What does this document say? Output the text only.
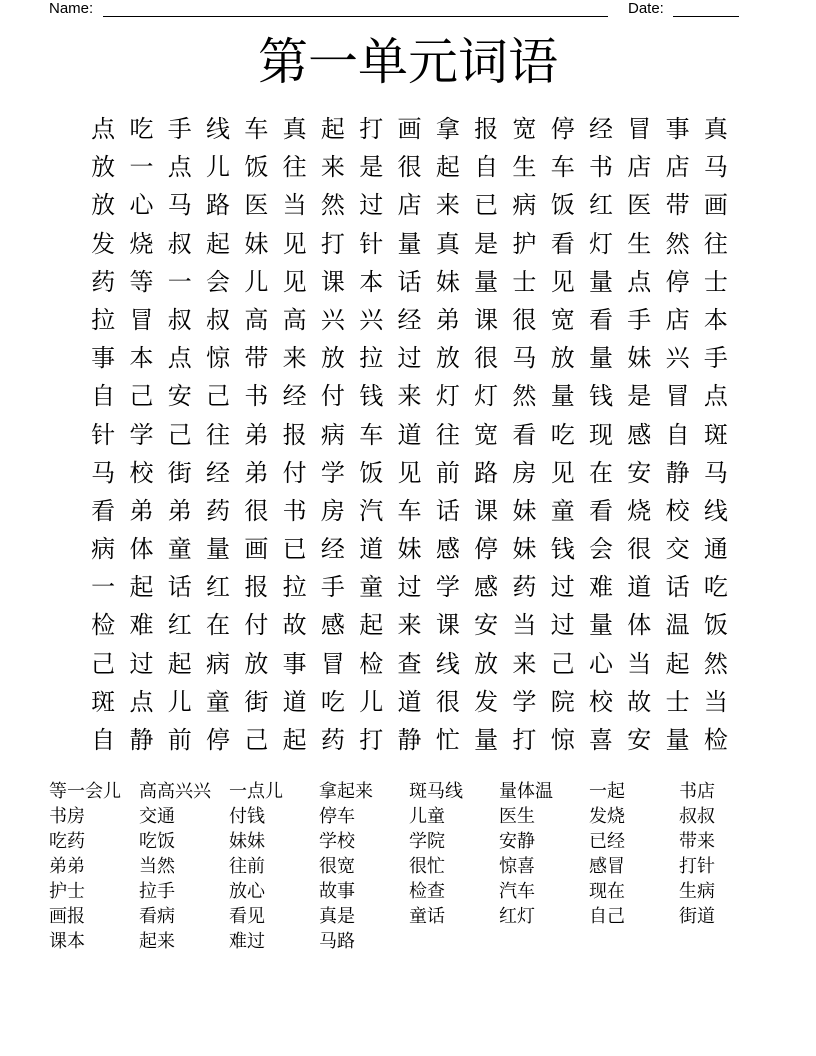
Name:	Date:
第一单元词语
点 吃 手 线 车 真 起 打 画 拿 报 宽 停 经 冒 事 真
放 一 点 儿 饭 往 来 是 很 起 自 生 车 书 店 店 马
放 心 马 路 医 当 然 过 店 来 已 病 饭 红 医 带 画
发 烧 叔 起 妹 见 打 针 量 真 是 护 看 灯 生 然 往
药 等 一 会 儿 见 课 本 话 妹 量 士 见 量 点 停 士
拉 冒 叔 叔 高 高 兴 兴 经 弟 课 很 宽 看 手 店 本
事 本 点 惊 带 来 放 拉 过 放 很 马 放 量 妹 兴 手
自 己 安 己 书 经 付 钱 来 灯 灯 然 量 钱 是 冒 点
针 学 己 往 弟 报 病 车 道 往 宽 看 吃 现 感 自 斑
马 校 街 经 弟 付 学 饭 见 前 路 房 见 在 安 静 马
看 弟 弟 药 很 书 房 汽 车 话 课 妹 童 看 烧 校 线
病 体 童 量 画 已 经 道 妹 感 停 妹 钱 会 很 交 通
一 起 话 红 报 拉 手 童 过 学 感 药 过 难 道 话 吃
检 难 红 在 付 故 感 起 来 课 安 当 过 量 体 温 饭
己 过 起 病 放 事 冒 检 查 线 放 来 己 心 当 起 然
斑 点 儿 童 街 道 吃 儿 道 很 发 学 院 校 故 士 当
自 静 前 停 己 起 药 打 静 忙 量 打 惊 喜 安 量 检
等一会儿	高高兴兴	一点儿	拿起来	斑马线	量体温	一起	书店
书房	交通	付钱	停车	儿童	医生	发烧	叔叔
吃药	吃饭	妹妹	学校	学院	安静	已经	带来
弟弟	当然	往前	很宽	很忙	惊喜	感冒	打针
护士	拉手	放心	故事	检查	汽车	现在	生病
画报	看病	看见	真是	童话	红灯	自己	街道
课本	起来	难过	马路
